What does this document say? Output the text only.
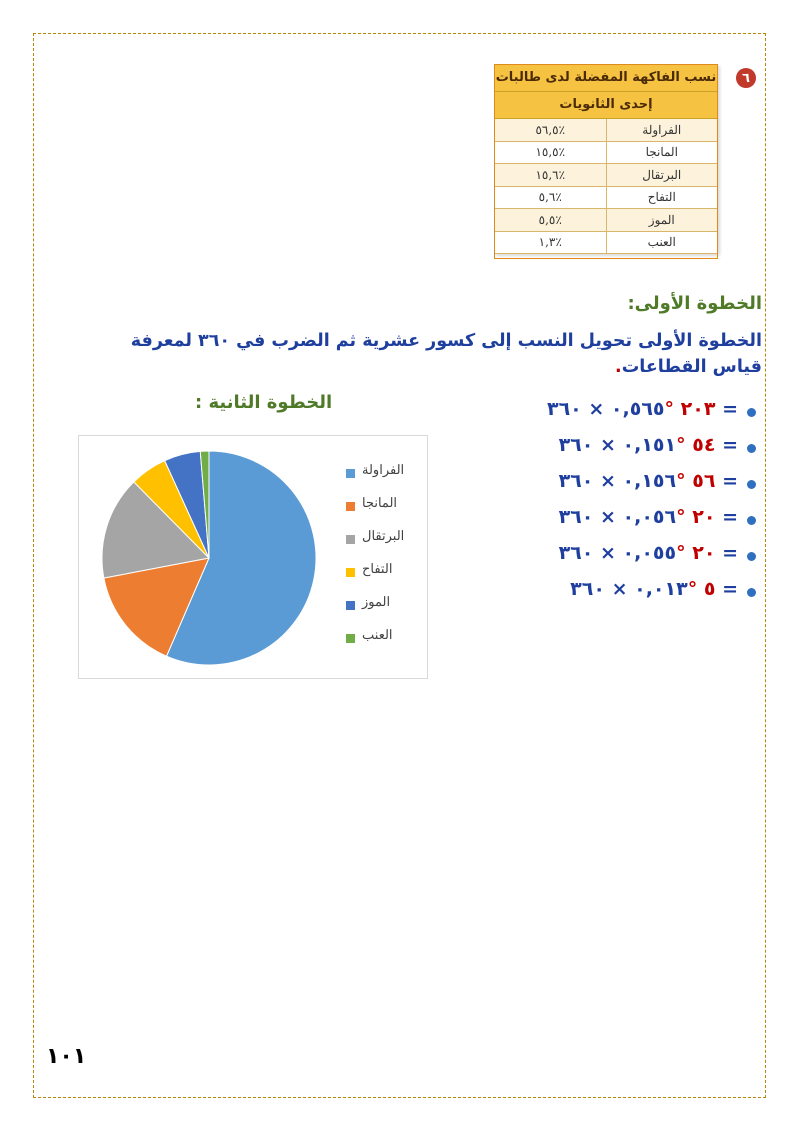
٦
نسب الفاكهة المفضلة لدى طالبات	
إحدى الثانويات	
الفراولة	٪٥٦,٥
المانجا	٪١٥,٥
البرتقال	٪١٥,٦
التفاح	٪٥,٦
الموز	٪٥,٥
العنب	٪١,٣
الخطوة الأولى:
الخطوة الأولى تحويل النسب إلى كسور عشرية ثم الضرب في ٣٦٠ لمعرفة قياس القطاعات.
الخطوة الثانية :	٢٠٣ °٠,٥٦٥ × ٣٦٠ =
٥٤ °٠,١٥١ × ٣٦٠ =
٥٦ °٠,١٥٦ × ٣٦٠ =
٢٠ °٠,٠٥٦ × ٣٦٠ =
٢٠ °٠,٠٥٥ × ٣٦٠ =
٥ °٠,٠١٣ × ٣٦٠ =
الفراولة
المانجا
البرتقال
التفاح
الموز
العنب
١٠١
